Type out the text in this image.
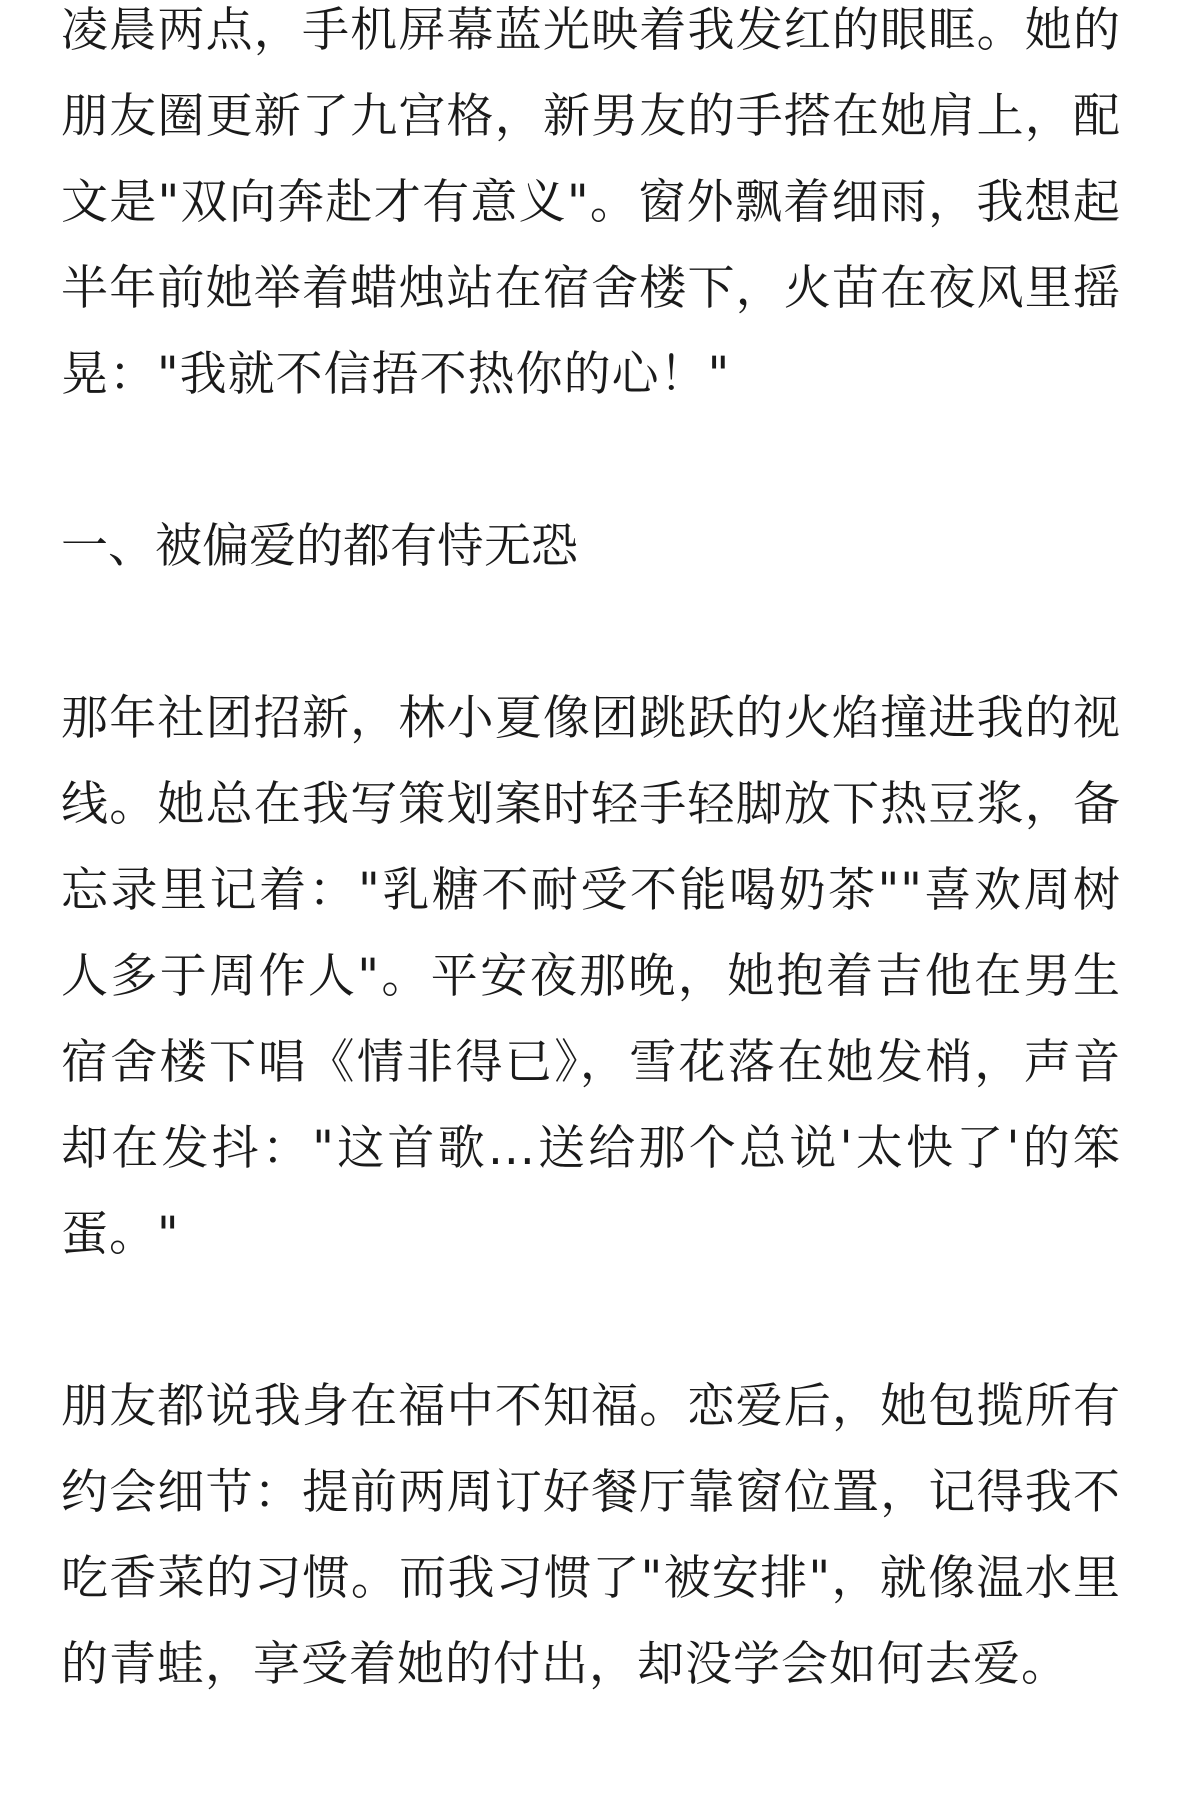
凌晨两点，手机屏幕蓝光映着我发红的眼眶。她的朋友圈更新了九宫格，新男友的手搭在她肩上，配文是"双向奔赴才有意义"。窗外飘着细雨，我想起半年前她举着蜡烛站在宿舍楼下，火苗在夜风里摇晃："我就不信捂不热你的心！"

一、被偏爱的都有恃无恐

那年社团招新，林小夏像团跳跃的火焰撞进我的视线。她总在我写策划案时轻手轻脚放下热豆浆，备忘录里记着："乳糖不耐受不能喝奶茶""喜欢周树人多于周作人"。平安夜那晚，她抱着吉他在男生宿舍楼下唱《情非得已》，雪花落在她发梢，声音却在发抖："这首歌...送给那个总说'太快了'的笨蛋。"

朋友都说我身在福中不知福。恋爱后，她包揽所有约会细节：提前两周订好餐厅靠窗位置，记得我不吃香菜的习惯。而我习惯了"被安排"，就像温水里的青蛙，享受着她的付出，却没学会如何去爱。
